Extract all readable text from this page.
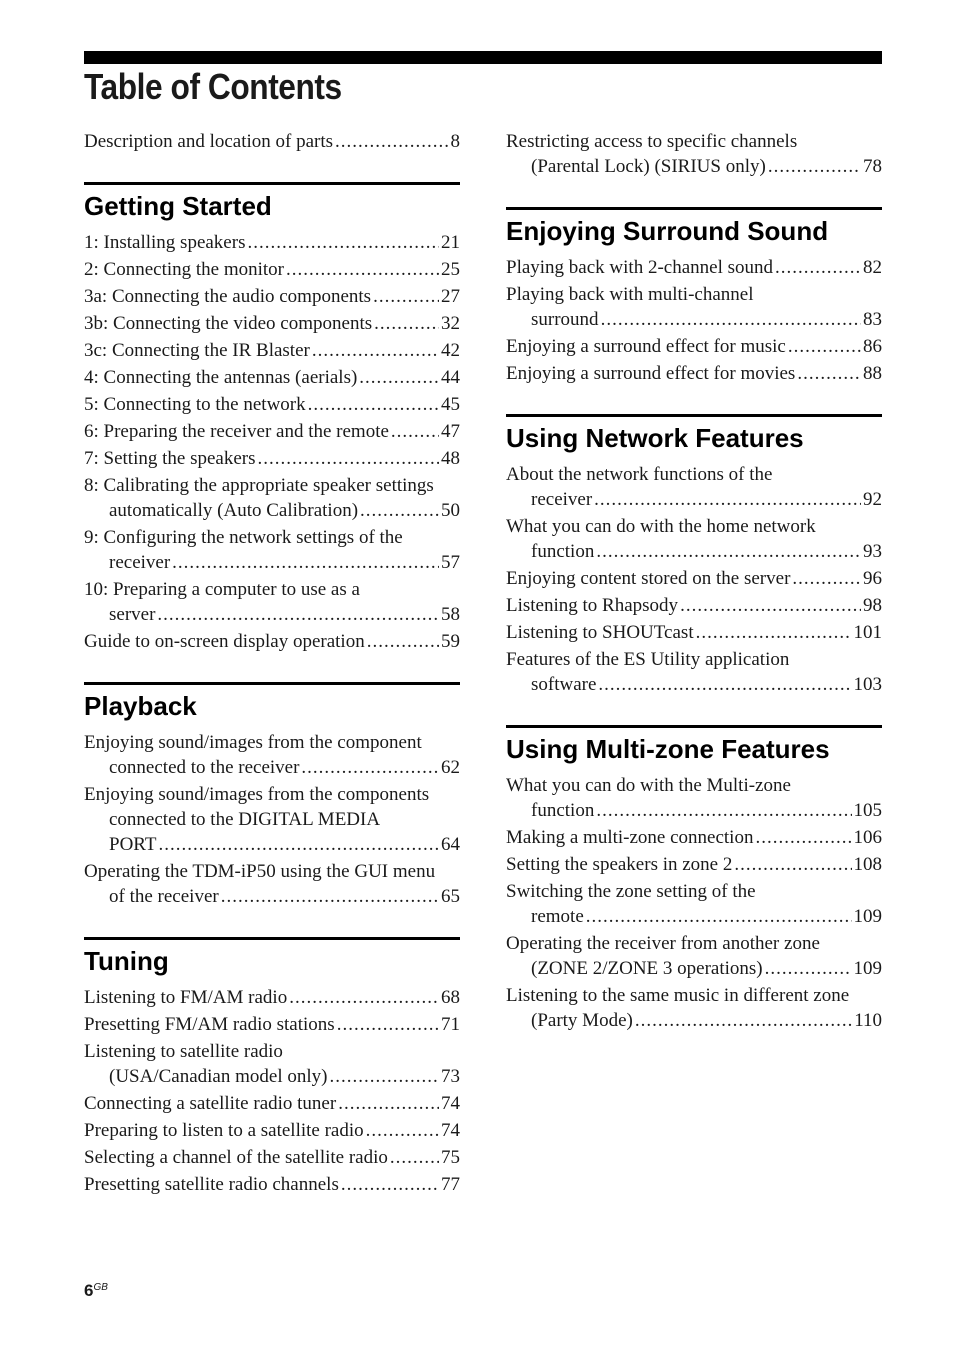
Table of Contents
Description and location of parts .....	8
Getting Started
1: Installing speakers .....	21
2: Connecting the monitor .....	25
3a: Connecting the audio components .....	27
3b: Connecting the video components .....	32
3c: Connecting the IR Blaster .....	42
4: Connecting the antennas (aerials) .....	44
5: Connecting to the network .....	45
6: Preparing the receiver and the remote .....	47
7: Setting the speakers .....	48
8: Calibrating the appropriate speaker settings
automatically (Auto Calibration) .....	50
9: Configuring the network settings of the
receiver .....	57
10: Preparing a computer to use as a
server .....	58
Guide to on-screen display operation .....	59
Playback
Enjoying sound/images from the component
connected to the receiver .....	62
Enjoying sound/images from the components
connected to the DIGITAL MEDIA
PORT .....	64
Operating the TDM-iP50 using the GUI menu
of the receiver .....	65
Tuning
Listening to FM/AM radio .....	68
Presetting FM/AM radio stations .....	71
Listening to satellite radio
(USA/Canadian model only) .....	73
Connecting a satellite radio tuner .....	74
Preparing to listen to a satellite radio .....	74
Selecting a channel of the satellite radio .....	75
Presetting satellite radio channels .....	77
Restricting access to specific channels
(Parental Lock) (SIRIUS only) .....	78
Enjoying Surround Sound
Playing back with 2-channel sound .....	82
Playing back with multi-channel
surround .....	83
Enjoying a surround effect for music .....	86
Enjoying a surround effect for movies .....	88
Using Network Features
About the network functions of the
receiver .....	92
What you can do with the home network
function .....	93
Enjoying content stored on the server .....	96
Listening to Rhapsody .....	98
Listening to SHOUTcast .....	101
Features of the ES Utility application
software .....	103
Using Multi-zone Features
What you can do with the Multi-zone
function .....	105
Making a multi-zone connection .....	106
Setting the speakers in zone 2 .....	108
Switching the zone setting of the
remote .....	109
Operating the receiver from another zone
(ZONE 2/ZONE 3 operations) .....	109
Listening to the same music in different zone
(Party Mode) .....	110
$6^{GB}$
